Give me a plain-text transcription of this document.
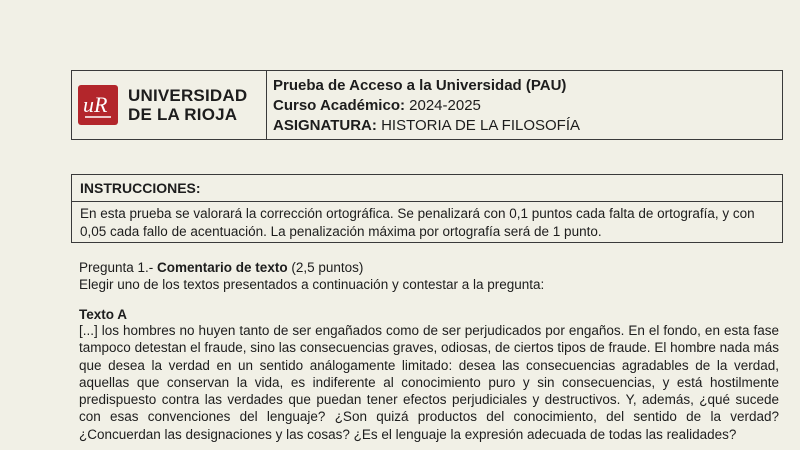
uR UNIVERSIDAD
DE LA RIOJA
Prueba de Acceso a la Universidad (PAU)
Curso Académico: 2024-2025
ASIGNATURA: HISTORIA DE LA FILOSOFÍA
INSTRUCCIONES:
En esta prueba se valorará la corrección ortográfica. Se penalizará con 0,1 puntos cada falta de ortografía, y con 0,05 cada fallo de acentuación. La penalización máxima por ortografía será de 1 punto.
Pregunta 1.- Comentario de texto (2,5 puntos)
Elegir uno de los textos presentados a continuación y contestar a la pregunta:
Texto A
[...] los hombres no huyen tanto de ser engañados como de ser perjudicados por engaños. En el fondo, en esta fase tampoco detestan el fraude, sino las consecuencias graves, odiosas, de ciertos tipos de fraude. El hombre nada más que desea la verdad en un sentido análogamente limitado: desea las consecuencias agradables de la verdad, aquellas que conservan la vida, es indiferente al conocimiento puro y sin consecuencias, y está hostilmente predispuesto contra las verdades que puedan tener efectos perjudiciales y destructivos. Y, además, ¿qué sucede con esas convenciones del lenguaje? ¿Son quizá productos del conocimiento, del sentido de la verdad? ¿Concuerdan las designaciones y las cosas? ¿Es el lenguaje la expresión adecuada de todas las realidades?
